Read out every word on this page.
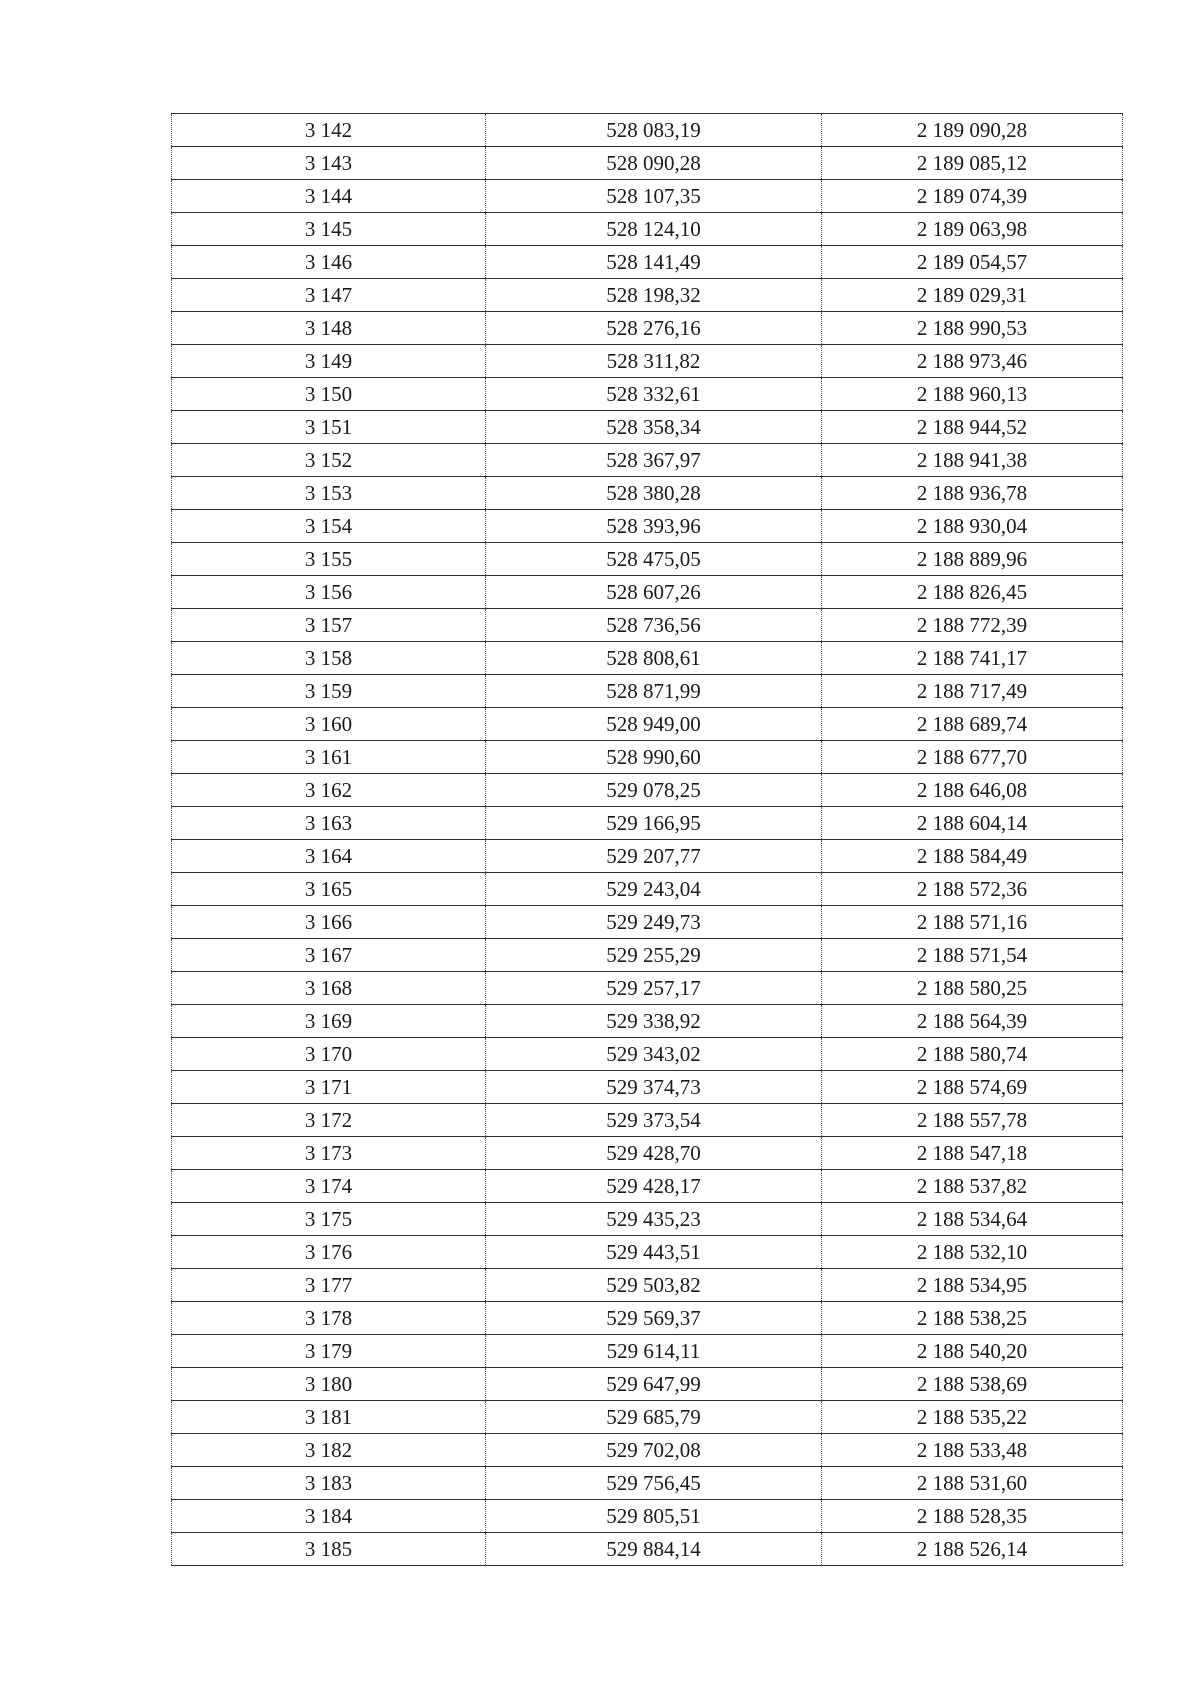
3 142	528 083,19	2 189 090,28
3 143	528 090,28	2 189 085,12
3 144	528 107,35	2 189 074,39
3 145	528 124,10	2 189 063,98
3 146	528 141,49	2 189 054,57
3 147	528 198,32	2 189 029,31
3 148	528 276,16	2 188 990,53
3 149	528 311,82	2 188 973,46
3 150	528 332,61	2 188 960,13
3 151	528 358,34	2 188 944,52
3 152	528 367,97	2 188 941,38
3 153	528 380,28	2 188 936,78
3 154	528 393,96	2 188 930,04
3 155	528 475,05	2 188 889,96
3 156	528 607,26	2 188 826,45
3 157	528 736,56	2 188 772,39
3 158	528 808,61	2 188 741,17
3 159	528 871,99	2 188 717,49
3 160	528 949,00	2 188 689,74
3 161	528 990,60	2 188 677,70
3 162	529 078,25	2 188 646,08
3 163	529 166,95	2 188 604,14
3 164	529 207,77	2 188 584,49
3 165	529 243,04	2 188 572,36
3 166	529 249,73	2 188 571,16
3 167	529 255,29	2 188 571,54
3 168	529 257,17	2 188 580,25
3 169	529 338,92	2 188 564,39
3 170	529 343,02	2 188 580,74
3 171	529 374,73	2 188 574,69
3 172	529 373,54	2 188 557,78
3 173	529 428,70	2 188 547,18
3 174	529 428,17	2 188 537,82
3 175	529 435,23	2 188 534,64
3 176	529 443,51	2 188 532,10
3 177	529 503,82	2 188 534,95
3 178	529 569,37	2 188 538,25
3 179	529 614,11	2 188 540,20
3 180	529 647,99	2 188 538,69
3 181	529 685,79	2 188 535,22
3 182	529 702,08	2 188 533,48
3 183	529 756,45	2 188 531,60
3 184	529 805,51	2 188 528,35
3 185	529 884,14	2 188 526,14
